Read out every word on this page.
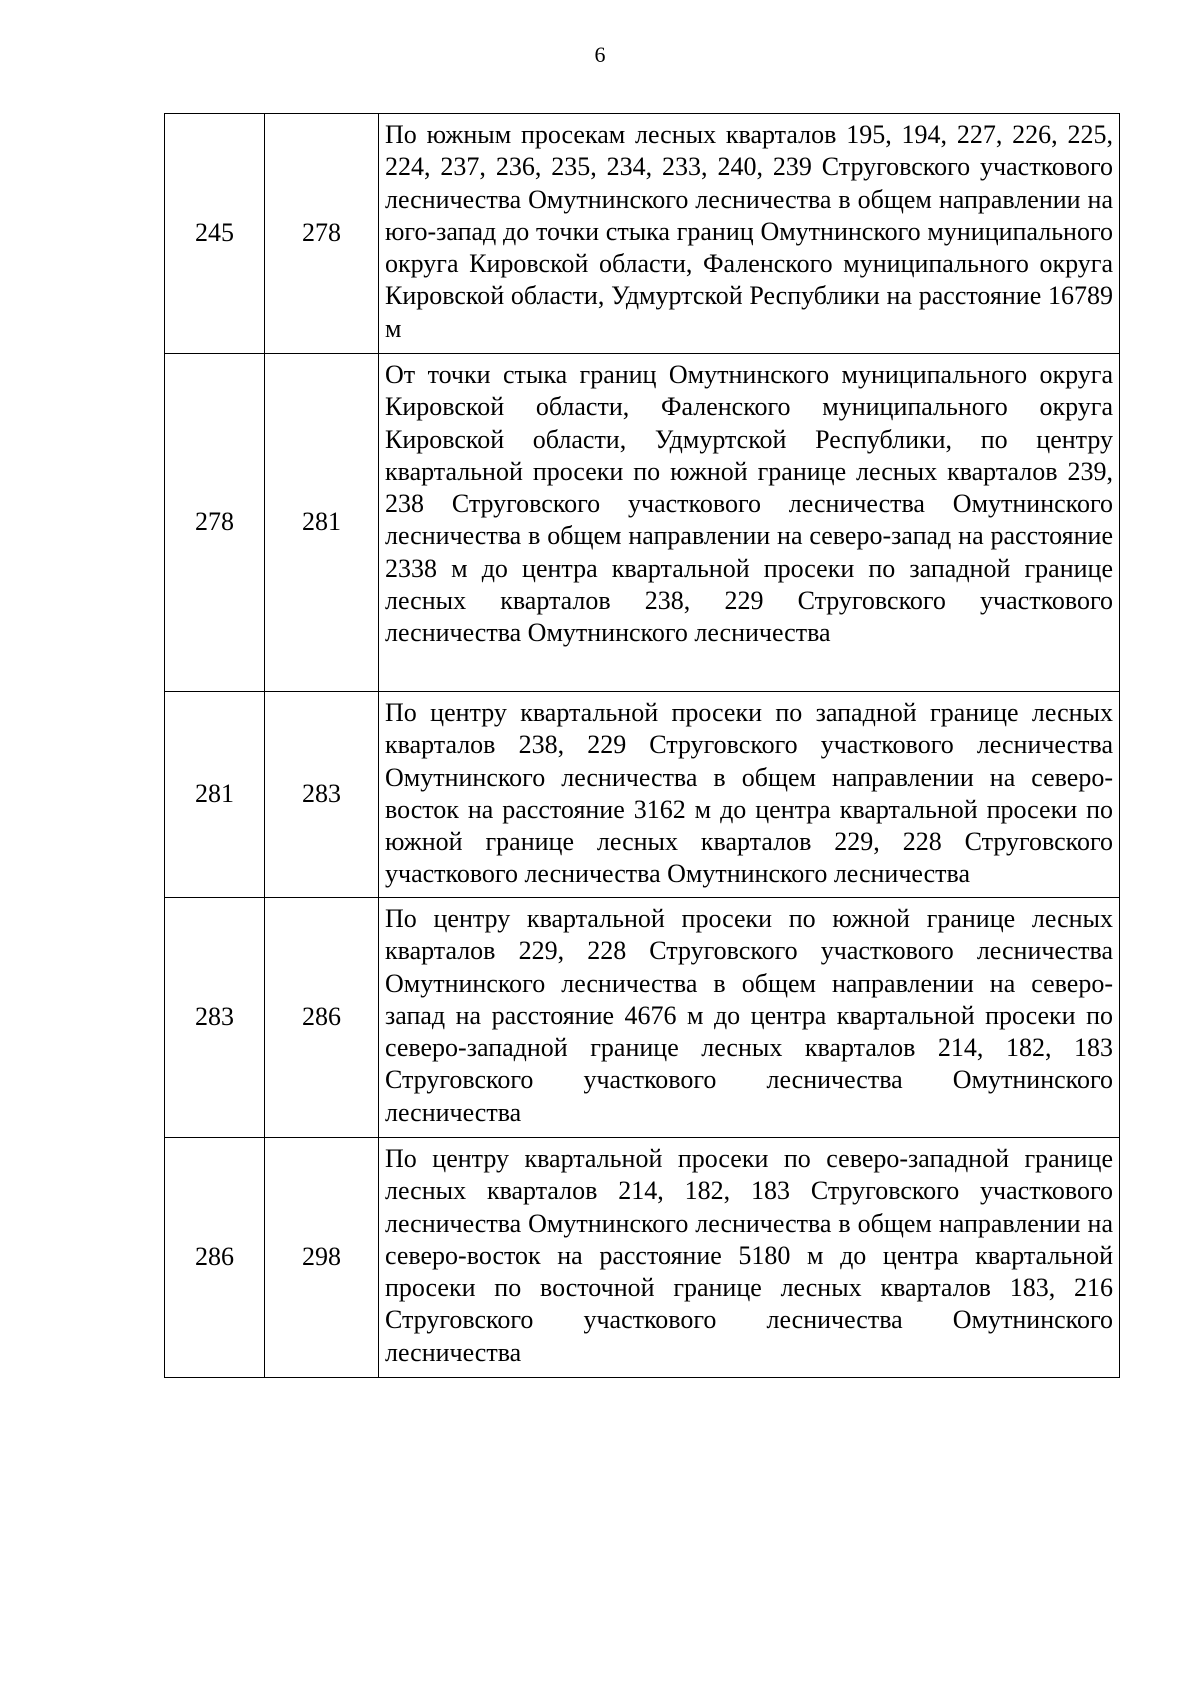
6
245	278	По южным просекам лесных кварталов 195, 194, 227, 226, 225, 224, 237, 236, 235, 234, 233, 240, 239 Струговского участкового лесничества Омутнинского лесничества в общем направлении на юго-запад до точки стыка границ Омутнинского муниципального округа Кировской области, Фаленского муниципального округа Кировской области, Удмуртской Республики на расстояние 16789 м
278	281	От точки стыка границ Омутнинского муниципального округа Кировской области, Фаленского муниципального округа Кировской области, Удмуртской Республики, по центру квартальной просеки по южной границе лесных кварталов 239, 238 Струговского участкового лесничества Омутнинского лесничества в общем направлении на северо-запад на расстояние 2338 м до центра квартальной просеки по западной границе лесных кварталов 238, 229 Струговского участкового лесничества Омутнинского лесничества
281	283	По центру квартальной просеки по западной границе лесных кварталов 238, 229 Струговского участкового лесничества Омутнинского лесничества в общем направлении на северо-восток на расстояние 3162 м до центра квартальной просеки по южной границе лесных кварталов 229, 228 Струговского участкового лесничества Омутнинского лесничества
283	286	По центру квартальной просеки по южной границе лесных кварталов 229, 228 Струговского участкового лесничества Омутнинского лесничества в общем направлении на северо-запад на расстояние 4676 м до центра квартальной просеки по северо-западной границе лесных кварталов 214, 182, 183 Струговского участкового лесничества Омутнинского лесничества
286	298	По центру квартальной просеки по северо-западной границе лесных кварталов 214, 182, 183 Струговского участкового лесничества Омутнинского лесничества в общем направлении на северо-восток на расстояние 5180 м до центра квартальной просеки по восточной границе лесных кварталов 183, 216 Струговского участкового лесничества Омутнинского лесничества
